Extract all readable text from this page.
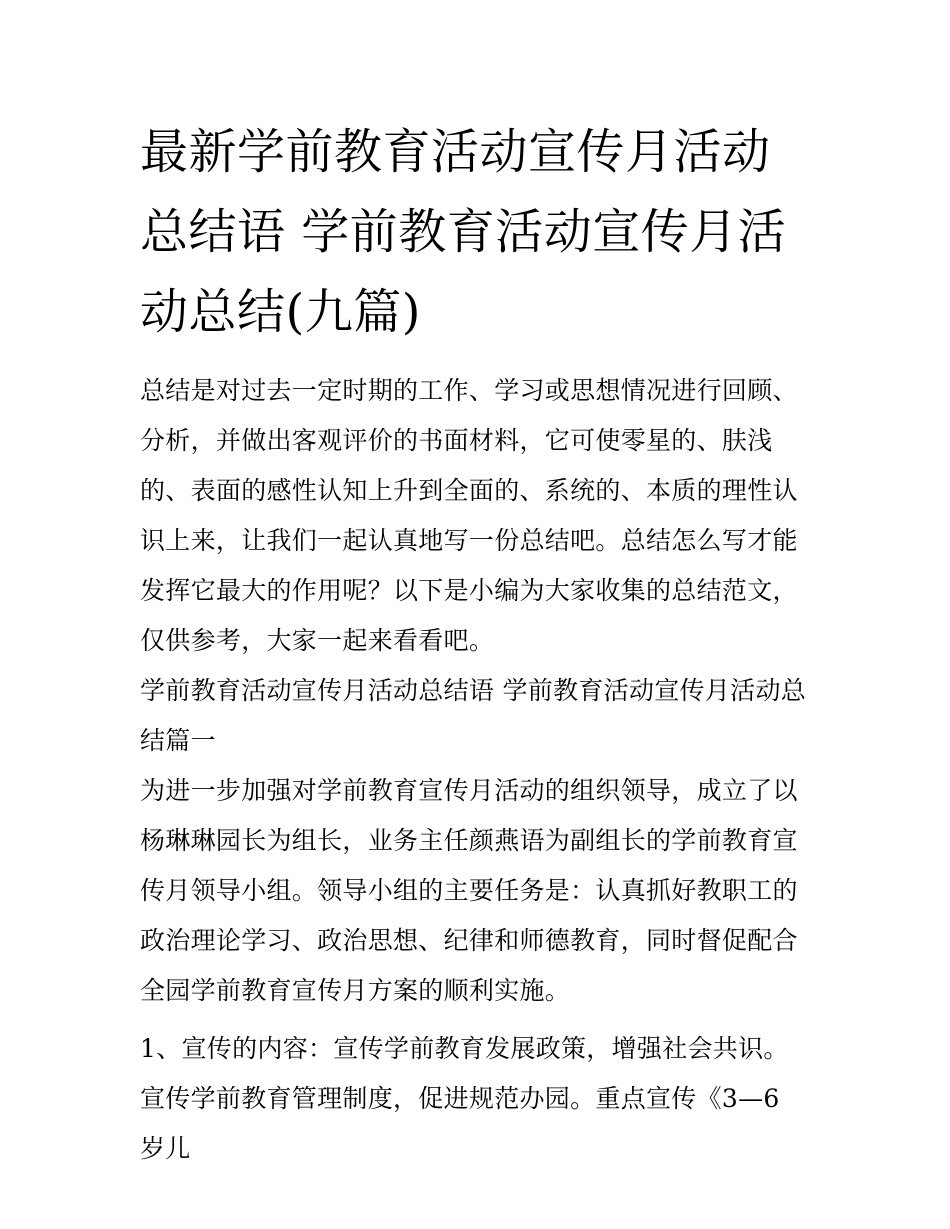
最新学前教育活动宣传月活动总结语 学前教育活动宣传月活动总结(九篇)

总结是对过去一定时期的工作、学习或思想情况进行回顾、分析，并做出客观评价的书面材料，它可使零星的、肤浅的、表面的感性认知上升到全面的、系统的、本质的理性认识上来，让我们一起认真地写一份总结吧。总结怎么写才能发挥它最大的作用呢？以下是小编为大家收集的总结范文，仅供参考，大家一起来看看吧。

学前教育活动宣传月活动总结语 学前教育活动宣传月活动总结篇一

为进一步加强对学前教育宣传月活动的组织领导，成立了以杨琳琳园长为组长，业务主任颜燕语为副组长的学前教育宣传月领导小组。领导小组的主要任务是：认真抓好教职工的政治理论学习、政治思想、纪律和师德教育，同时督促配合全园学前教育宣传月方案的顺利实施。

1、宣传的内容：宣传学前教育发展政策，增强社会共识。宣传学前教育管理制度，促进规范办园。重点宣传《3—6 岁儿
